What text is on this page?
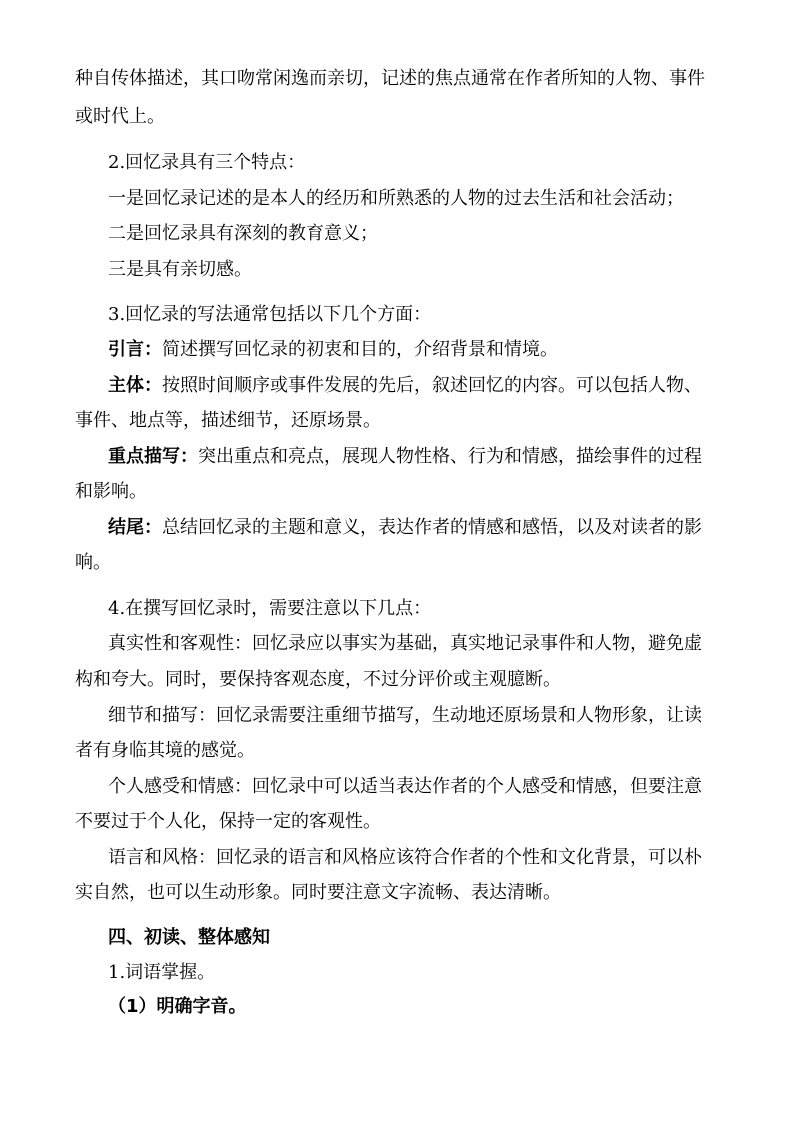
种自传体描述，其口吻常闲逸而亲切，记述的焦点通常在作者所知的人物、事件
或时代上。
2.回忆录具有三个特点：
一是回忆录记述的是本人的经历和所熟悉的人物的过去生活和社会活动；
二是回忆录具有深刻的教育意义；
三是具有亲切感。
3.回忆录的写法通常包括以下几个方面：
引言：简述撰写回忆录的初衷和目的，介绍背景和情境。
主体：按照时间顺序或事件发展的先后，叙述回忆的内容。可以包括人物、
事件、地点等，描述细节，还原场景。
重点描写：突出重点和亮点，展现人物性格、行为和情感，描绘事件的过程
和影响。
结尾：总结回忆录的主题和意义，表达作者的情感和感悟，以及对读者的影
响。
4.在撰写回忆录时，需要注意以下几点：
真实性和客观性：回忆录应以事实为基础，真实地记录事件和人物，避免虚
构和夸大。同时，要保持客观态度，不过分评价或主观臆断。
细节和描写：回忆录需要注重细节描写，生动地还原场景和人物形象，让读
者有身临其境的感觉。
个人感受和情感：回忆录中可以适当表达作者的个人感受和情感，但要注意
不要过于个人化，保持一定的客观性。
语言和风格：回忆录的语言和风格应该符合作者的个性和文化背景，可以朴
实自然，也可以生动形象。同时要注意文字流畅、表达清晰。
四、初读、整体感知
1.词语掌握。
（1）明确字音。
